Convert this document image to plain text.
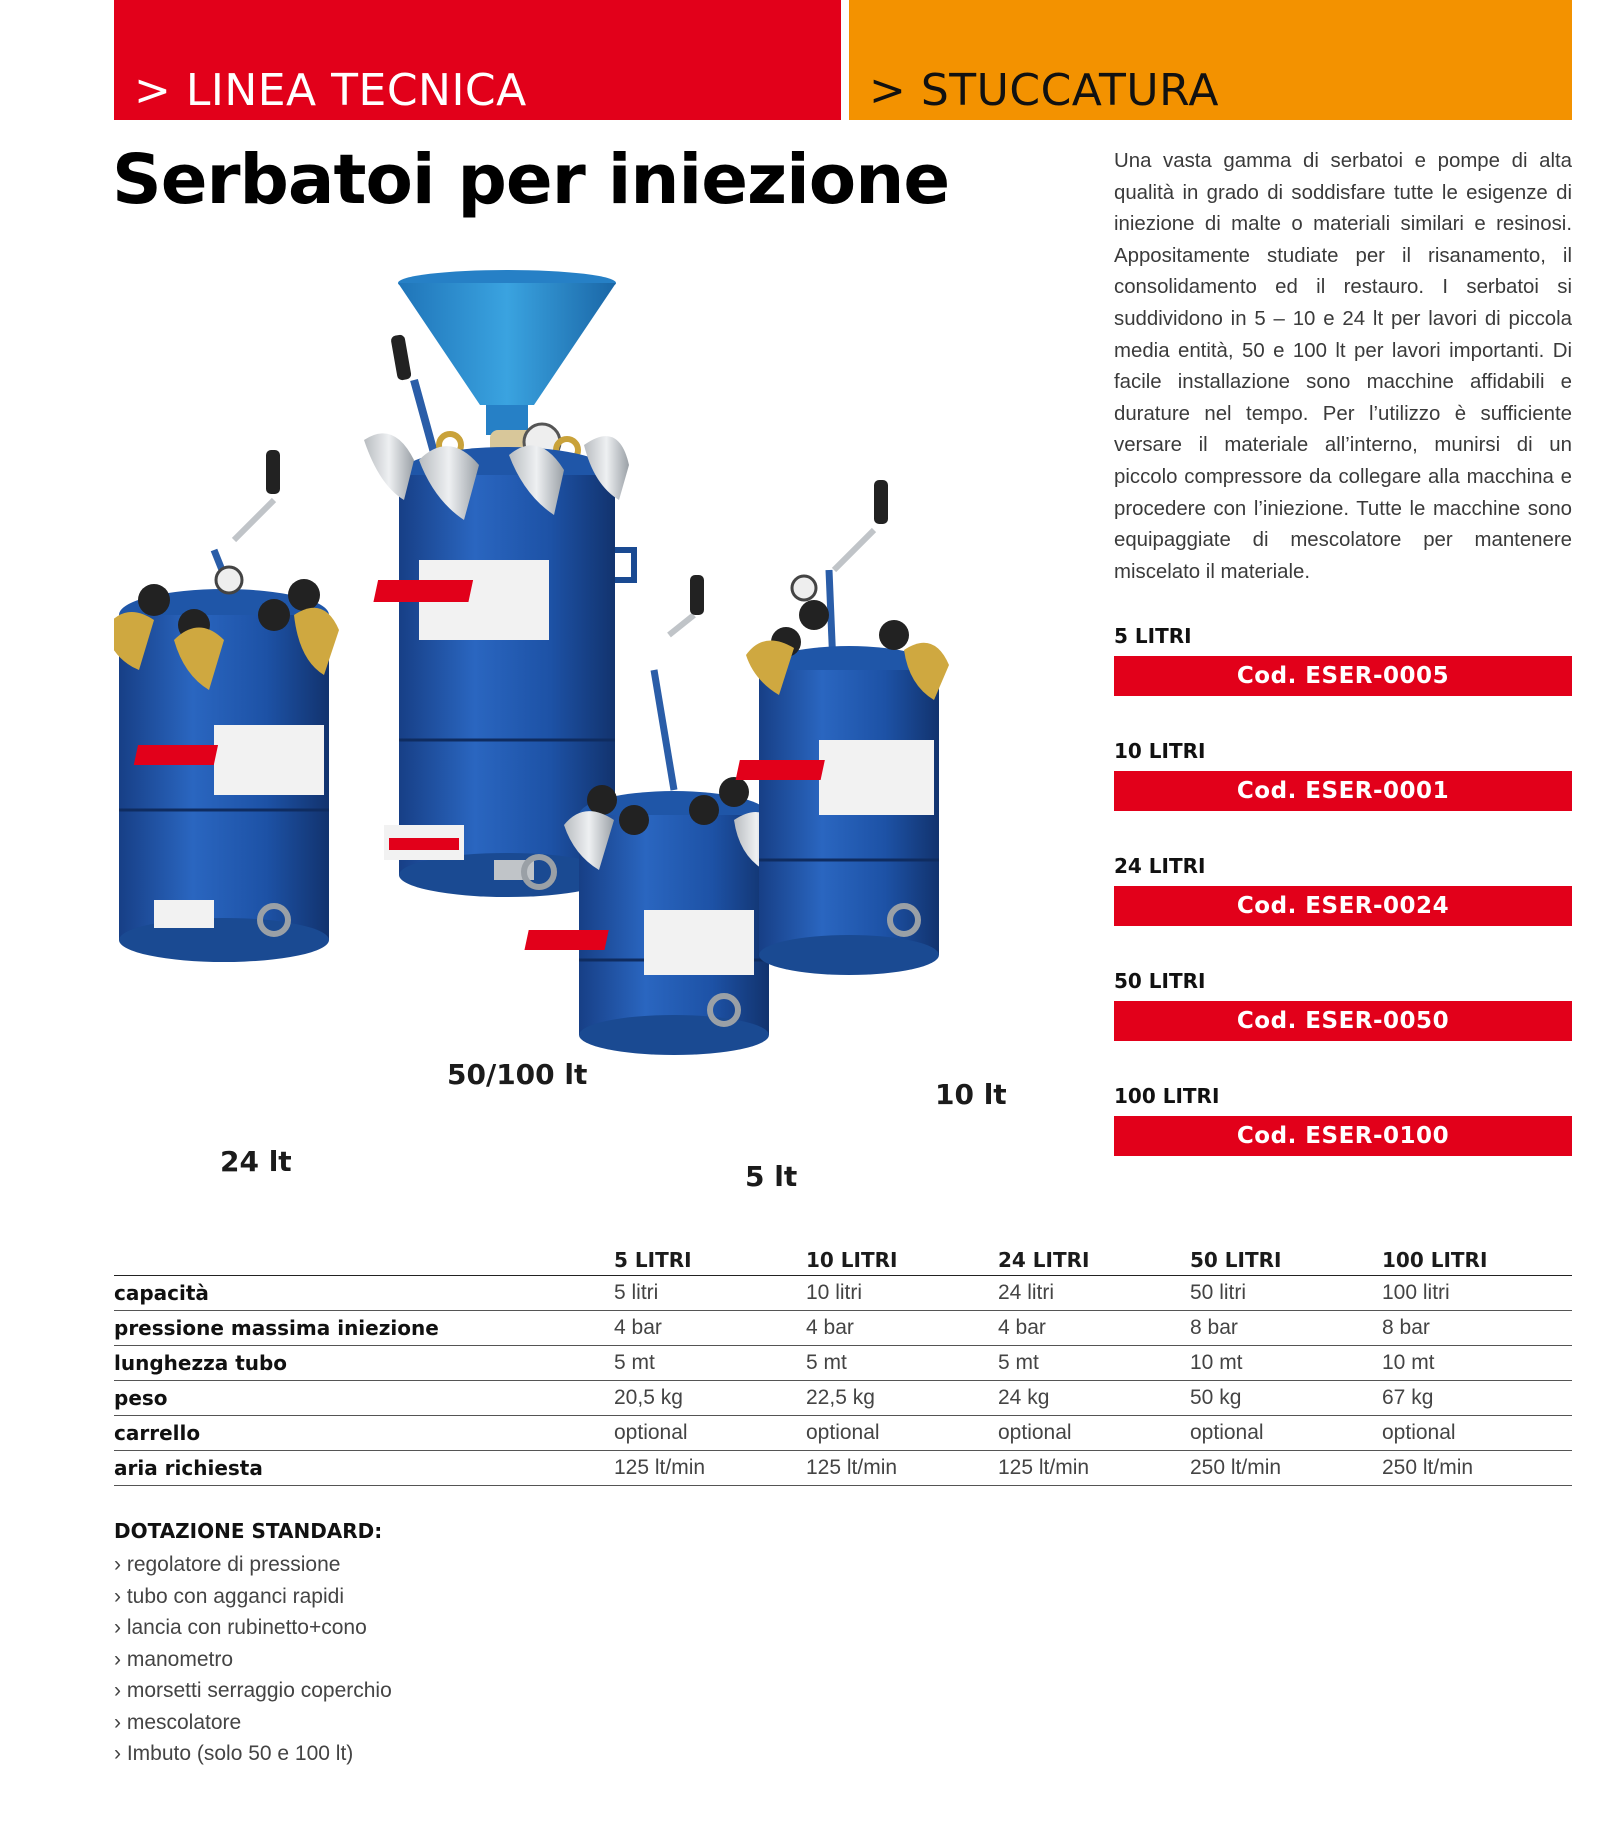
> LINEA TECNICA	> STUCCATURA
Serbatoi per iniezione	Una vasta gamma di serbatoi e pompe di alta qualità in grado di soddisfare tutte le esigenze di iniezione di malte o materiali similari e resinosi. Appositamente studiate per il risanamento, il consolidamento ed il restauro. I serbatoi si suddividono in 5 – 10 e 24 lt per lavori di piccola media entità, 50 e 100 lt per lavori importanti. Di facile installazione sono macchine affidabili e durature nel tempo. Per l’utilizzo è sufficiente versare il materiale all’interno, munirsi di un piccolo compressore da collegare alla macchina e procedere con l’iniezione. Tutte le macchine sono equipaggiate di mescolatore per mantenere miscelato il materiale.

50/100 lt
24 lt	5 lt
10 lt
5 LITRI
Cod. ESER-0005
10 LITRI
Cod. ESER-0001
24 LITRI
Cod. ESER-0024
50 LITRI
Cod. ESER-0050
100 LITRI
Cod. ESER-0100
	5 LITRI	10 LITRI	24 LITRI	50 LITRI	100 LITRI
capacità	5 litri	10 litri	24 litri	50 litri	100 litri
pressione massima iniezione	4 bar	4 bar	4 bar	8 bar	8 bar
lunghezza tubo	5 mt	5 mt	5 mt	10 mt	10 mt
peso	20,5 kg	22,5 kg	24 kg	50 kg	67 kg
carrello	optional	optional	optional	optional	optional
aria richiesta	125 lt/min	125 lt/min	125 lt/min	250 lt/min	250 lt/min
DOTAZIONE STANDARD:
› regolatore di pressione
› tubo con agganci rapidi
› lancia con rubinetto+cono
› manometro
› morsetti serraggio coperchio
› mescolatore
› Imbuto (solo 50 e 100 lt)
